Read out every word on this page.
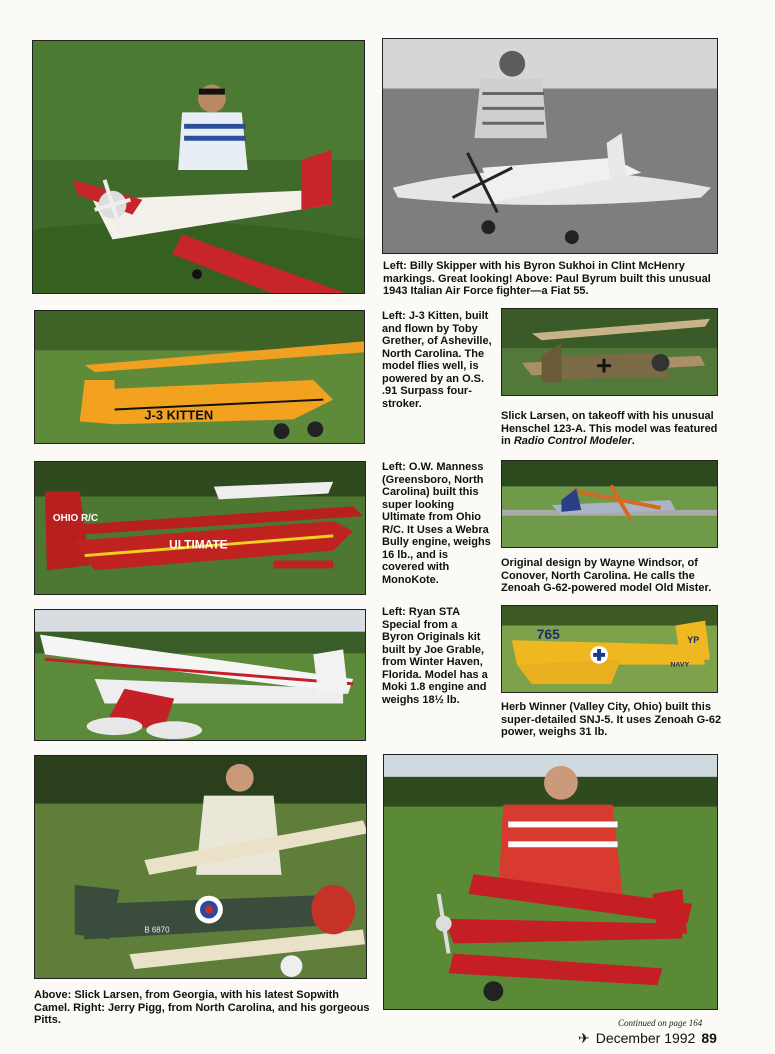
Left: Billy Skipper with his Byron Sukhoi in Clint McHenry markings. Great looking! Above: Paul Byrum built this unusual 1943 Italian Air Force fighter—a Fiat 55.
J-3 KITTEN
Left: J-3 Kitten, built and flown by Toby Grether, of Asheville, North Carolina. The model flies well, is powered by an O.S. .91 Surpass four-stroker.
Slick Larsen, on takeoff with his unusual Henschel 123-A. This model was featured in Radio Control Modeler.
OHIO R/C
ULTIMATE
Left: O.W. Manness (Greensboro, North Carolina) built this super looking Ultimate from Ohio R/C. It Uses a Webra Bully engine, weighs 16 lb., and is covered with MonoKote.
Original design by Wayne Windsor, of Conover, North Carolina. He calls the Zenoah G-62-powered model Old Mister.
Left: Ryan STA Special from a Byron Originals kit built by Joe Grable, from Winter Haven, Florida. Model has a Moki 1.8 engine and weighs 18½ lb.
765	YP
NAVY
Herb Winner (Valley City, Ohio) built this super-detailed SNJ-5. It uses Zenoah G-62 power, weighs 31 lb.
B 6870
Above: Slick Larsen, from Georgia, with his latest Sopwith Camel. Right: Jerry Pigg, from North Carolina, and his gorgeous Pitts.	Continued on page 164
✈ December 1992 89
